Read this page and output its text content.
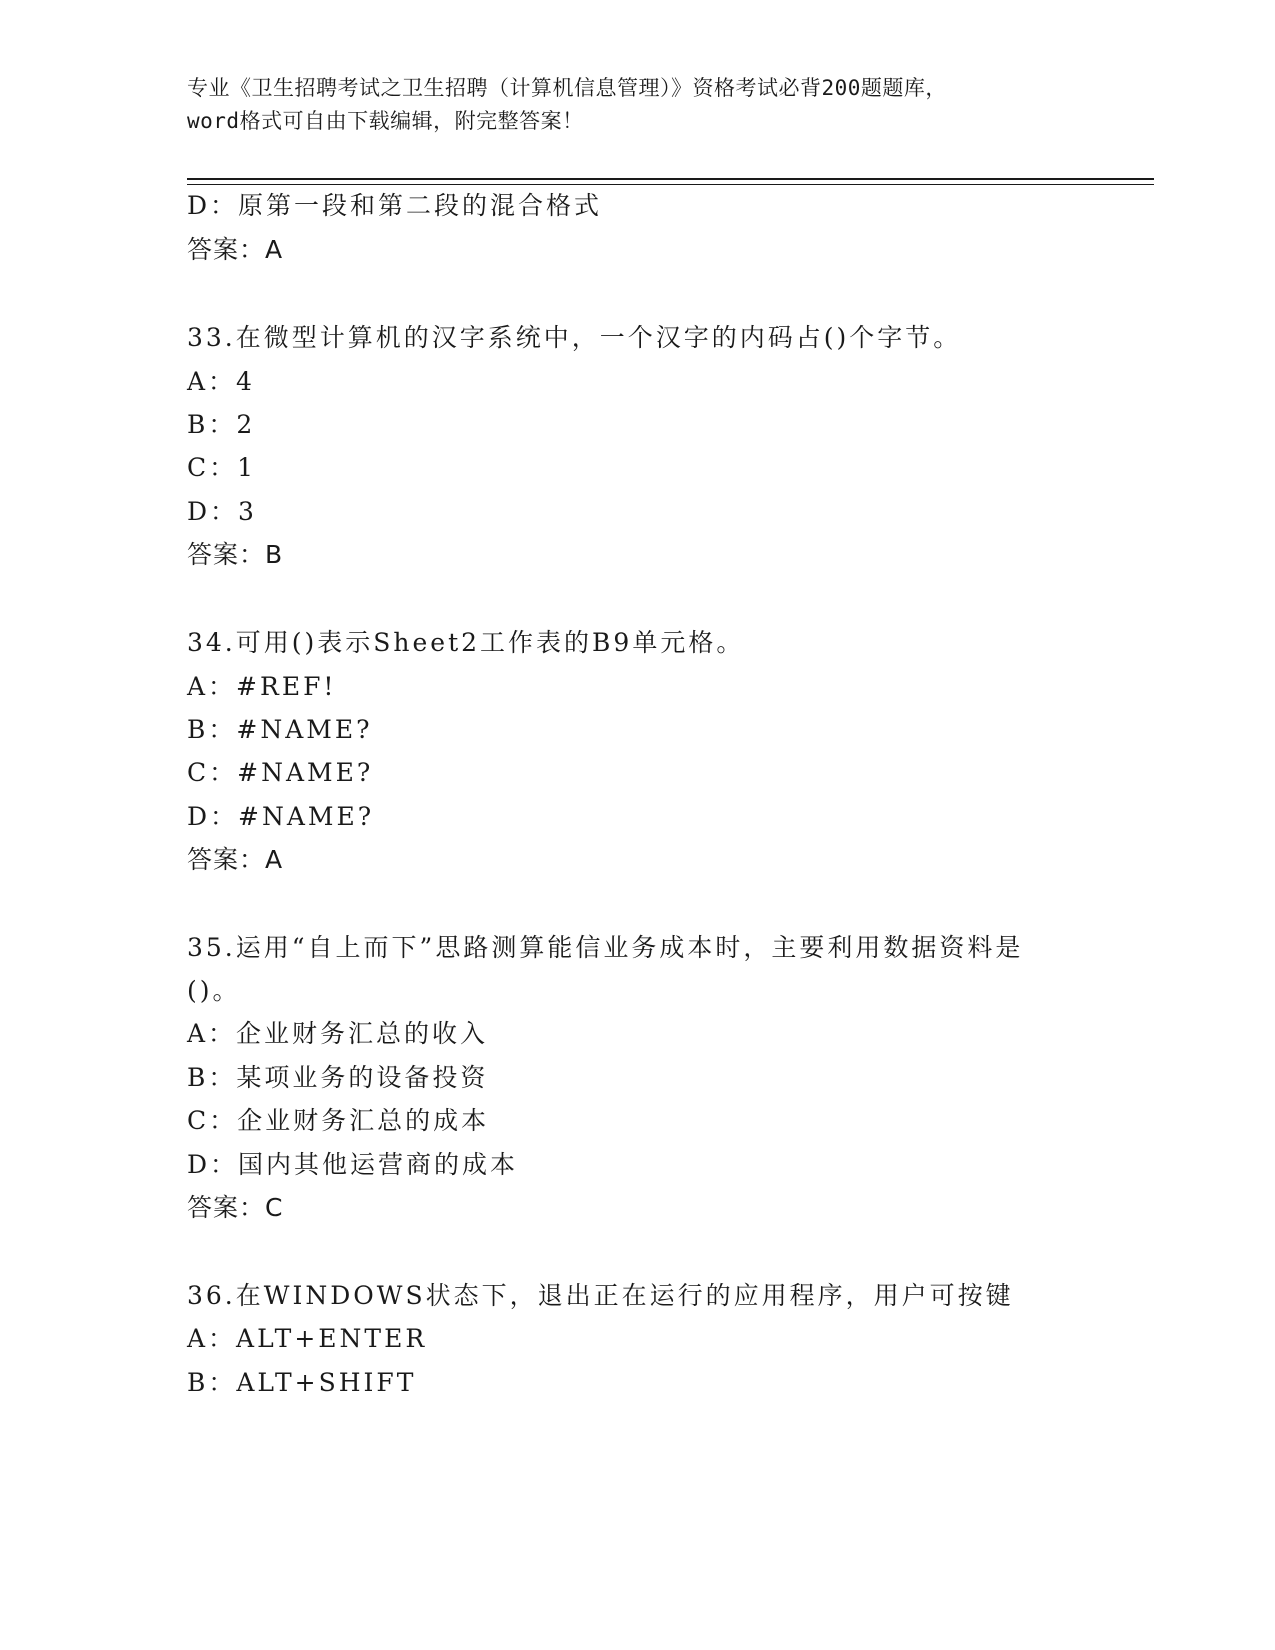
专业《卫生招聘考试之卫生招聘（计算机信息管理）》资格考试必背200题题库，
word格式可自由下载编辑，附完整答案！
D：原第一段和第二段的混合格式
答案：A
33.在微型计算机的汉字系统中，一个汉字的内码占()个字节。
A：4
B：2
C：1
D：3
答案：B
34.可用()表示Sheet2工作表的B9单元格。
A：#REF!
B：#NAME?
C：#NAME?
D：#NAME?
答案：A
35.运用“自上而下”思路测算能信业务成本时，主要利用数据资料是
()。
A：企业财务汇总的收入
B：某项业务的设备投资
C：企业财务汇总的成本
D：国内其他运营商的成本
答案：C
36.在WINDOWS状态下，退出正在运行的应用程序，用户可按键
A：ALT+ENTER
B：ALT+SHIFT
